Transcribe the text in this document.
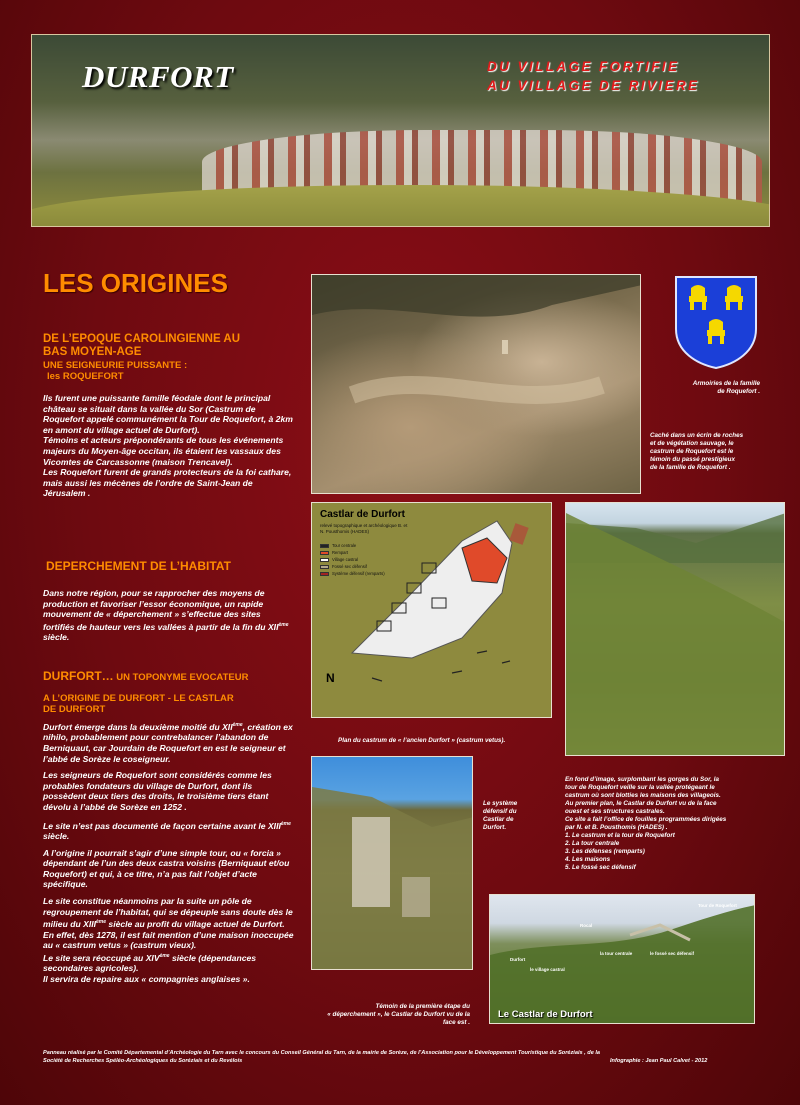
DURFORT	DU VILLAGE FORTIFIE
AU VILLAGE DE RIVIERE
LES ORIGINES
DE L’EPOQUE CAROLINGIENNE AU
BAS MOYEN-AGE
UNE SEIGNEURIE PUISSANTE :
les ROQUEFORT

Ils furent une puissante famille féodale dont le principal château se situait dans la vallée du Sor (Castrum de Roquefort appelé communément la Tour de Roquefort, à 2km en amont du village actuel de Durfort).

Témoins et acteurs prépondérants de tous les événements majeurs du Moyen-âge occitan, ils étaient les vassaux des Vicomtes de Carcassonne (maison Trencavel).

Les Roquefort furent de grands protecteurs de la foi cathare, mais aussi les mécènes de l’ordre de Saint-Jean de Jérusalem .

DEPERCHEMENT DE L’HABITAT

Dans notre région, pour se rapprocher des moyens de production et favoriser l’essor économique, un rapide mouvement de « déperchement » s’effectue des sites fortifiés de hauteur vers les vallées à partir de la fin du XIIème siècle.

DURFORT… UN TOPONYME EVOCATEUR
A L’ORIGINE DE DURFORT - LE CASTLAR
DE DURFORT

Durfort émerge dans la deuxième moitié du XIIème, création ex nihilo, probablement pour contrebalancer l’abandon de Berniquaut, car Jourdain de Roquefort en est le seigneur et l’abbé de Sorèze le coseigneur.

Les seigneurs de Roquefort sont considérés comme les probables fondateurs du village de Durfort, dont ils possèdent deux tiers des droits, le troisième tiers étant dévolu à l’abbé de Sorèze en 1252 .

Le site n’est pas documenté de façon certaine avant le XIIIème siècle.

A l’origine il pourrait s’agir d’une simple tour, ou « forcia » dépendant de l’un des deux castra voisins (Berniquaut et/ou Roquefort) et qui, à ce titre, n’a pas fait l’objet d’acte spécifique.

Le site constitue néanmoins par la suite un pôle de regroupement de l’habitat, qui se dépeuple sans doute dès le milieu du XIIIème siècle au profit du village actuel de Durfort. En effet, dès 1278, il est fait mention d’une maison inoccupée au « castrum vetus » (castrum vieux).

Le site sera réoccupé au XIVème siècle (dépendances secondaires agricoles).

Il servira de repaire aux « compagnies anglaises ».

Armoiries de la famille
de Roquefort .
Caché dans un écrin de roches
et de végétation sauvage, le
castrum de Roquefort est le
témoin du passé prestigieux
de la famille de Roquefort .
Castlar de Durfort
relevé topographique et archéologique B. et N. Pousthomis (HADES)
Tour centrale
Rempart
Village castral
Fossé sec défensif
Système défensif (remparts)
N
Plan du castrum de « l’ancien Durfort » (castrum vetus).
Le système
défensif du
Castlar de
Durfort.
En fond d’image, surplombant les gorges du Sor, la
tour de Roquefort veille sur la vallée protégeant le
castrum où sont blotties les maisons des villageois.
Au premier plan, le Castlar de Durfort vu de la face
ouest et ses structures castrales.
Ce site a fait l’office de fouilles programmées dirigées
par N. et B. Pousthomis (HADES) .
1. Le castrum et la tour de Roquefort
2. La tour centrale
3. Les défenses (remparts)
4. Les maisons
5. Le fossé sec défensif
Tour de Roquefort
Rocal
Durfort
le village castral
la tour centrale	le fossé sec défensif
Le Castlar de Durfort
Témoin de la première étape du
« déperchement », le Castlar de Durfort vu de la
face est .
Panneau réalisé par le Comité Départemental d’Archéologie du Tarn avec le concours du Conseil Général du Tarn, de la mairie de Sorèze, de l’Association pour le Développement Touristique du Soréziais , de la
Société de Recherches Spéléo-Archéologiques du Soréziais et du Revélois	Infographie : Jean Paul Calvet - 2012
